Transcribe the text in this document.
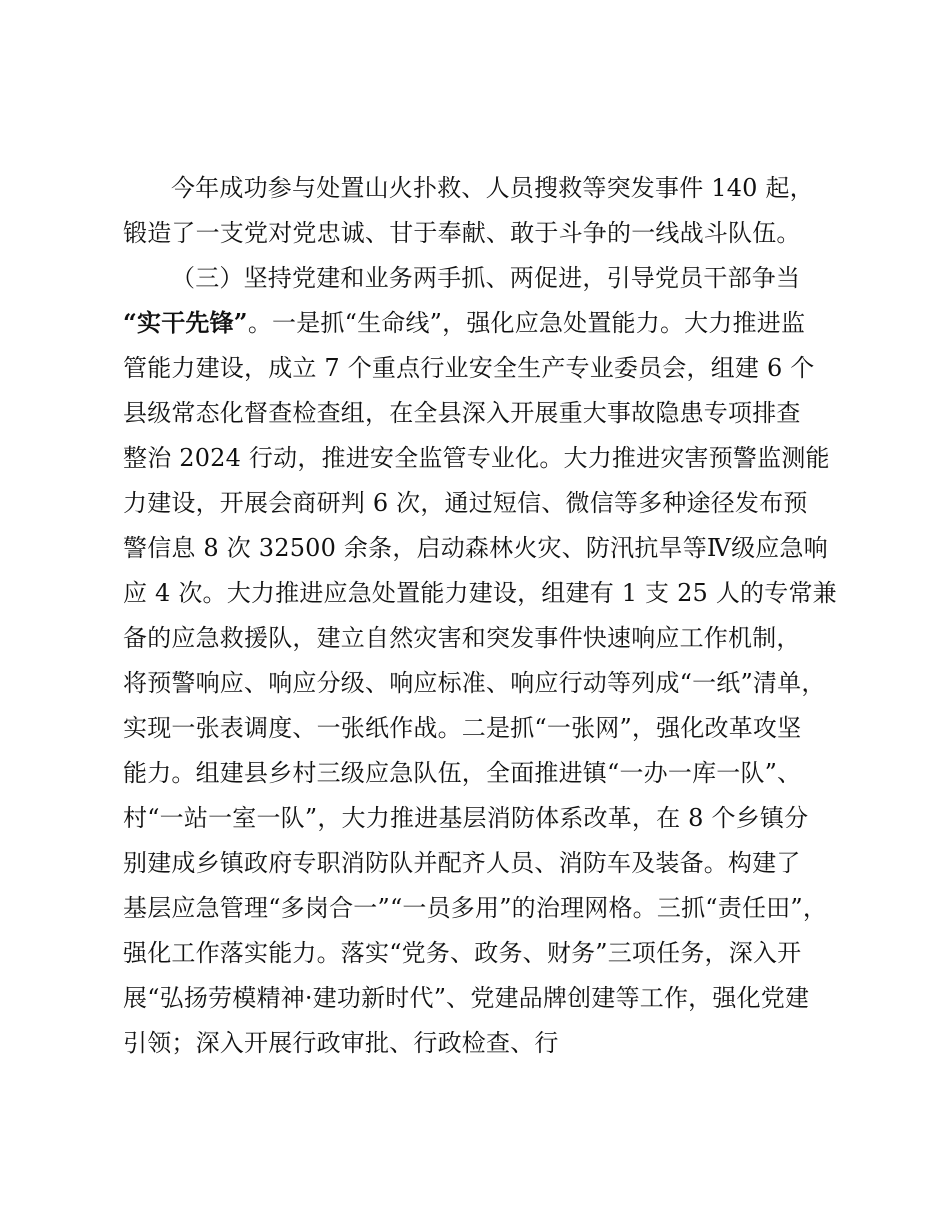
今年成功参与处置山火扑救、人员搜救等突发事件 140 起，
锻造了一支党对党忠诚、甘于奉献、敢于斗争的一线战斗队伍。
（三）坚持党建和业务两手抓、两促进，引导党员干部争当
“实干先锋”。一是抓“生命线”，强化应急处置能力。大力推进监
管能力建设，成立 7 个重点行业安全生产专业委员会，组建 6 个
县级常态化督查检查组，在全县深入开展重大事故隐患专项排查
整治 2024 行动，推进安全监管专业化。大力推进灾害预警监测能
力建设，开展会商研判 6 次，通过短信、微信等多种途径发布预
警信息 8 次 32500 余条，启动森林火灾、防汛抗旱等Ⅳ级应急响
应 4 次。大力推进应急处置能力建设，组建有 1 支 25 人的专常兼
备的应急救援队，建立自然灾害和突发事件快速响应工作机制，
将预警响应、响应分级、响应标准、响应行动等列成“一纸”清单，
实现一张表调度、一张纸作战。二是抓“一张网”，强化改革攻坚
能力。组建县乡村三级应急队伍，全面推进镇“一办一库一队”、
村“一站一室一队”，大力推进基层消防体系改革，在 8 个乡镇分
别建成乡镇政府专职消防队并配齐人员、消防车及装备。构建了
基层应急管理“多岗合一”“一员多用”的治理网格。三抓“责任田”，
强化工作落实能力。落实“党务、政务、财务”三项任务，深入开
展“弘扬劳模精神·建功新时代”、党建品牌创建等工作，强化党建
引领；深入开展行政审批、行政检查、行
